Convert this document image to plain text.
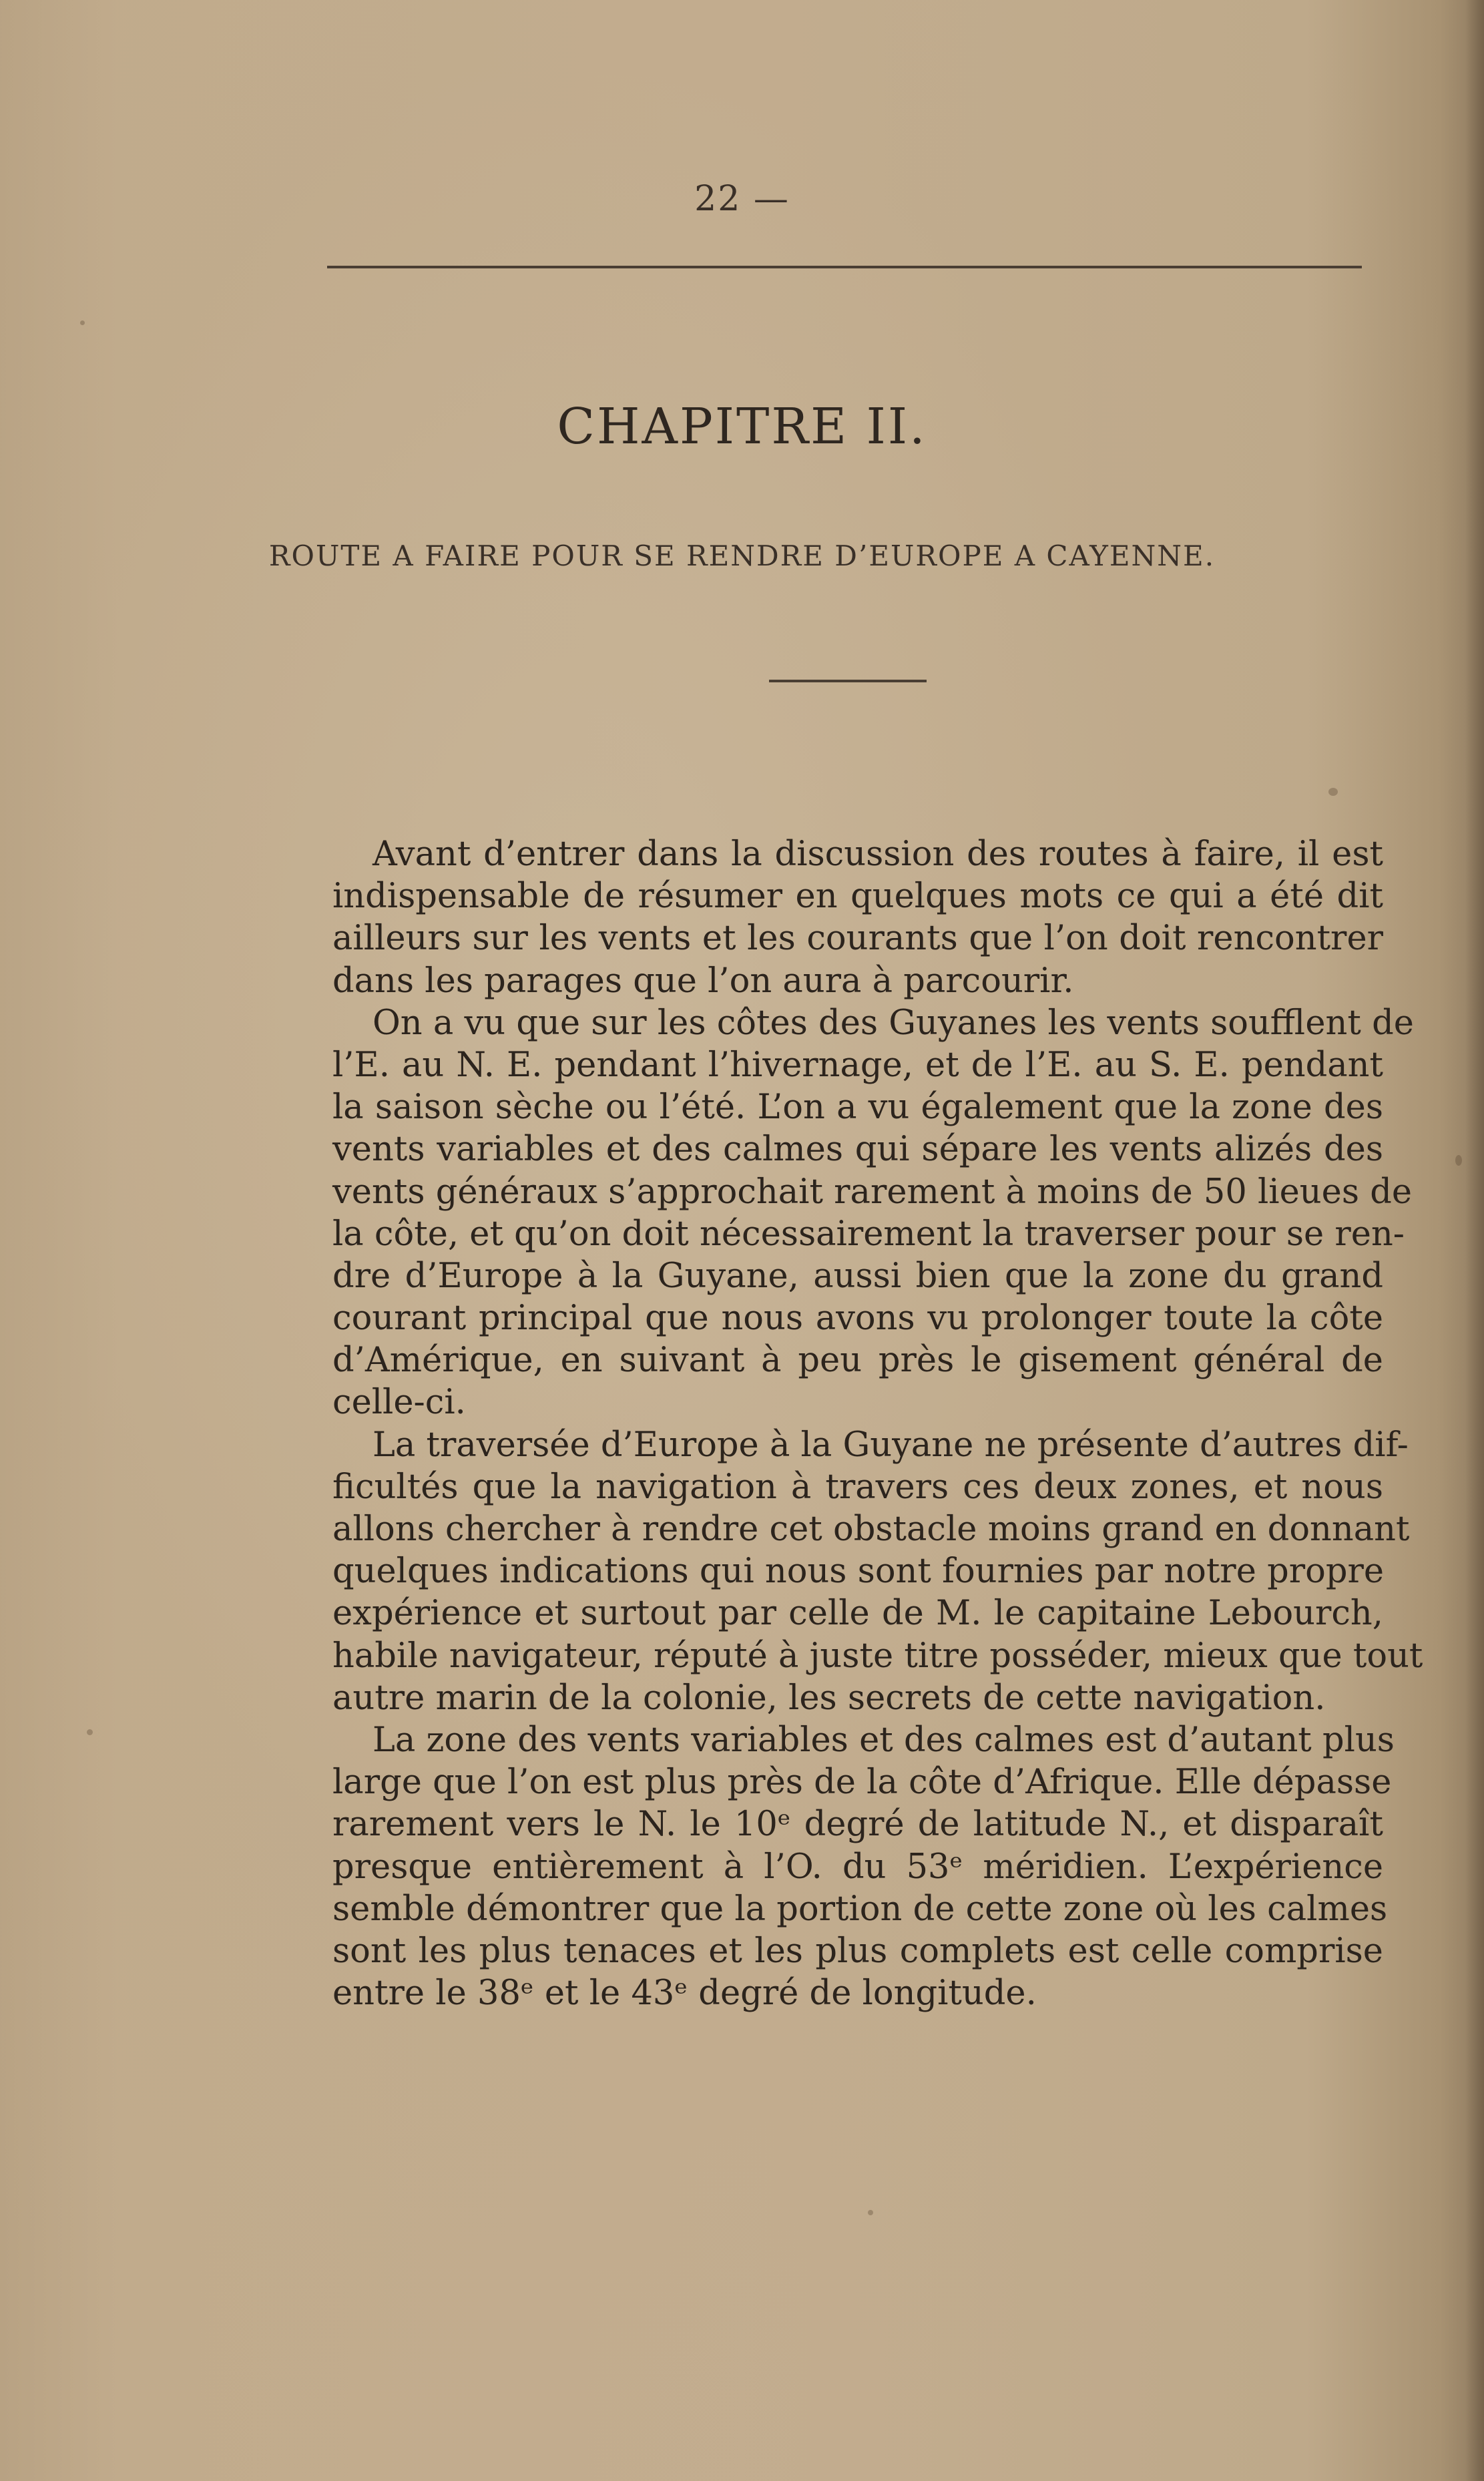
22 —
CHAPITRE II.
ROUTE A FAIRE POUR SE RENDRE D’EUROPE A CAYENNE.
Avant d’entrer dans la discussion des routes à faire, il est
indispensable de résumer en quelques mots ce qui a été dit
ailleurs sur les vents et les courants que l’on doit rencontrer
dans les parages que l’on aura à parcourir.
On a vu que sur les côtes des Guyanes les vents soufflent de
l’E. au N. E. pendant l’hivernage, et de l’E. au S. E. pendant
la saison sèche ou l’été. L’on a vu également que la zone des
vents variables et des calmes qui sépare les vents alizés des
vents généraux s’approchait rarement à moins de 50 lieues de
la côte, et qu’on doit nécessairement la traverser pour se ren-
dre d’Europe à la Guyane, aussi bien que la zone du grand
courant principal que nous avons vu prolonger toute la côte
d’Amérique, en suivant à peu près le gisement général de
celle-ci.
La traversée d’Europe à la Guyane ne présente d’autres dif-
ficultés que la navigation à travers ces deux zones, et nous
allons chercher à rendre cet obstacle moins grand en donnant
quelques indications qui nous sont fournies par notre propre
expérience et surtout par celle de M. le capitaine Lebourch,
habile navigateur, réputé à juste titre posséder, mieux que tout
autre marin de la colonie, les secrets de cette navigation.
La zone des vents variables et des calmes est d’autant plus
large que l’on est plus près de la côte d’Afrique. Elle dépasse
rarement vers le N. le 10ᵉ degré de latitude N., et disparaît
presque entièrement à l’O. du 53ᵉ méridien. L’expérience
semble démontrer que la portion de cette zone où les calmes
sont les plus tenaces et les plus complets est celle comprise
entre le 38ᵉ et le 43ᵉ degré de longitude.
